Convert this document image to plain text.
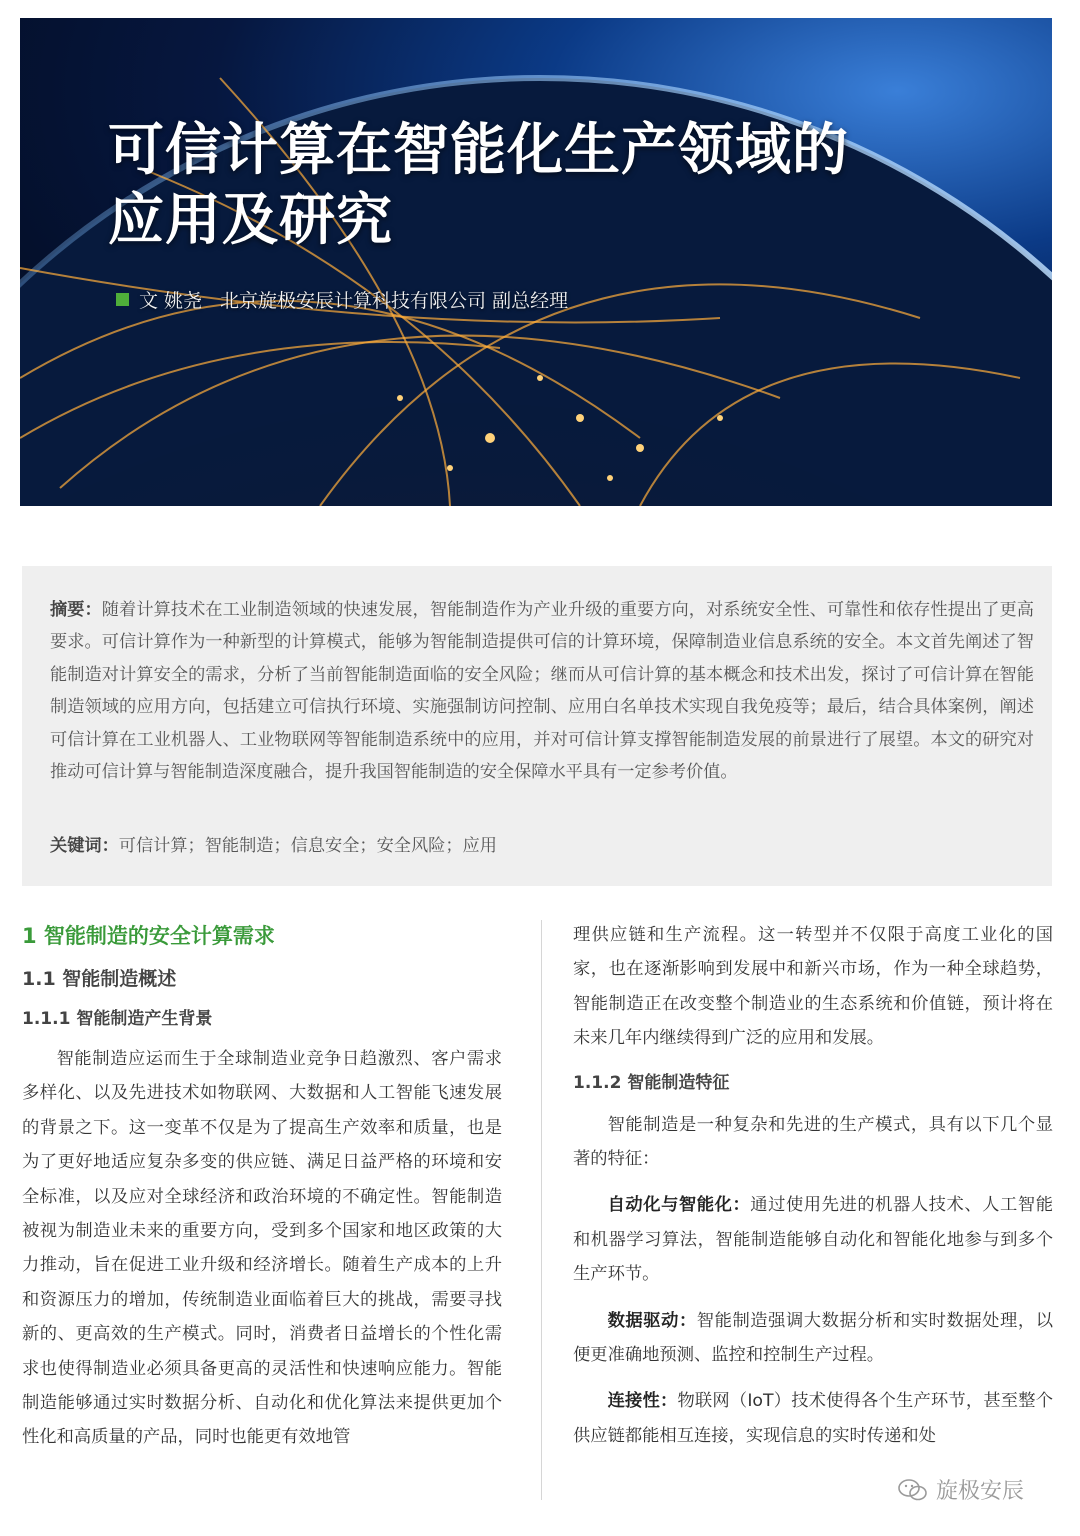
可信计算在智能化生产领域的
应用及研究
文 姚尧 北京旋极安辰计算科技有限公司 副总经理

摘要：随着计算技术在工业制造领域的快速发展，智能制造作为产业升级的重要方向，对系统安全性、可靠性和依存性提出了更高要求。可信计算作为一种新型的计算模式，能够为智能制造提供可信的计算环境，保障制造业信息系统的安全。本文首先阐述了智能制造对计算安全的需求，分析了当前智能制造面临的安全风险；继而从可信计算的基本概念和技术出发，探讨了可信计算在智能制造领域的应用方向，包括建立可信执行环境、实施强制访问控制、应用白名单技术实现自我免疫等；最后，结合具体案例，阐述可信计算在工业机器人、工业物联网等智能制造系统中的应用，并对可信计算支撑智能制造发展的前景进行了展望。本文的研究对推动可信计算与智能制造深度融合，提升我国智能制造的安全保障水平具有一定参考价值。

关键词：可信计算；智能制造；信息安全；安全风险；应用

1 智能制造的安全计算需求

1.1 智能制造概述

1.1.1 智能制造产生背景

智能制造应运而生于全球制造业竞争日趋激烈、客户需求多样化、以及先进技术如物联网、大数据和人工智能飞速发展的背景之下。这一变革不仅是为了提高生产效率和质量，也是为了更好地适应复杂多变的供应链、满足日益严格的环境和安全标准，以及应对全球经济和政治环境的不确定性。智能制造被视为制造业未来的重要方向，受到多个国家和地区政策的大力推动，旨在促进工业升级和经济增长。随着生产成本的上升和资源压力的增加，传统制造业面临着巨大的挑战，需要寻找新的、更高效的生产模式。同时，消费者日益增长的个性化需求也使得制造业必须具备更高的灵活性和快速响应能力。智能制造能够通过实时数据分析、自动化和优化算法来提供更加个性化和高质量的产品，同时也能更有效地管

理供应链和生产流程。这一转型并不仅限于高度工业化的国家，也在逐渐影响到发展中和新兴市场，作为一种全球趋势，智能制造正在改变整个制造业的生态系统和价值链，预计将在未来几年内继续得到广泛的应用和发展。

1.1.2 智能制造特征

智能制造是一种复杂和先进的生产模式，具有以下几个显著的特征：

自动化与智能化：通过使用先进的机器人技术、人工智能和机器学习算法，智能制造能够自动化和智能化地参与到多个生产环节。

数据驱动：智能制造强调大数据分析和实时数据处理，以便更准确地预测、监控和控制生产过程。

连接性：物联网（IoT）技术使得各个生产环节，甚至整个供应链都能相互连接，实现信息的实时传递和处

旋极安辰
